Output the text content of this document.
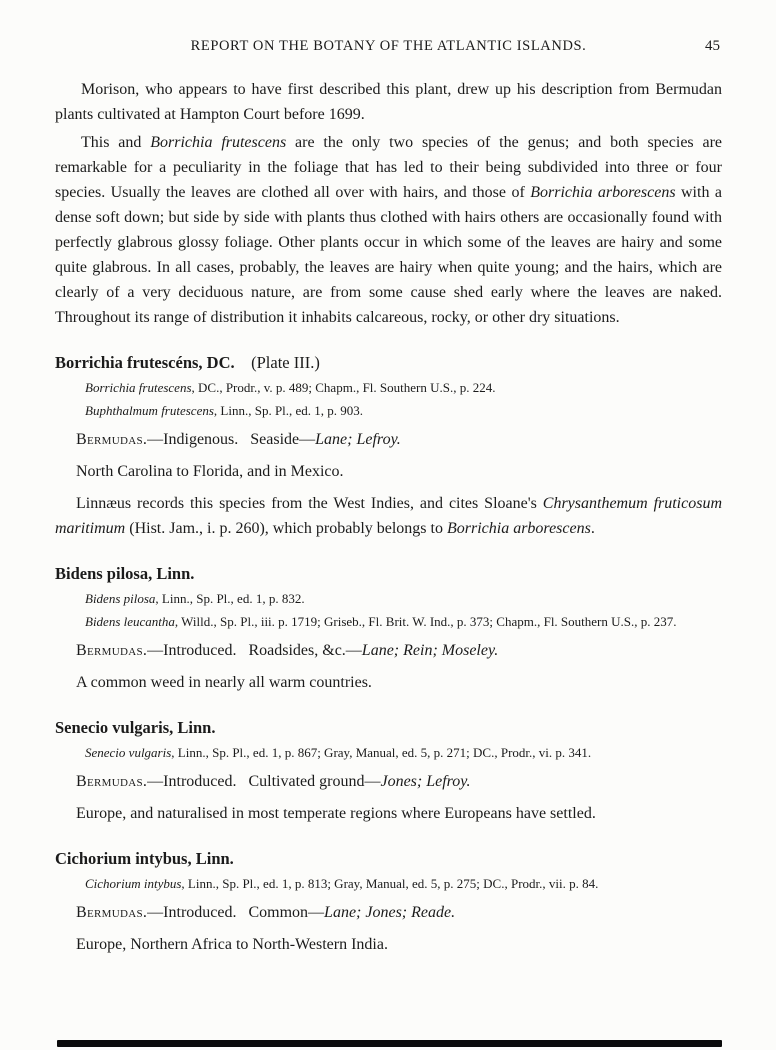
REPORT ON THE BOTANY OF THE ATLANTIC ISLANDS.	45

Morison, who appears to have first described this plant, drew up his description from Bermudan plants cultivated at Hampton Court before 1699.

This and Borrichia frutescens are the only two species of the genus; and both species are remarkable for a peculiarity in the foliage that has led to their being subdivided into three or four species. Usually the leaves are clothed all over with hairs, and those of Borrichia arborescens with a dense soft down; but side by side with plants thus clothed with hairs others are occasionally found with perfectly glabrous glossy foliage. Other plants occur in which some of the leaves are hairy and some quite glabrous. In all cases, probably, the leaves are hairy when quite young; and the hairs, which are clearly of a very deciduous nature, are from some cause shed early where the leaves are naked. Throughout its range of distribution it inhabits calcareous, rocky, or other dry situations.

Borrichia frutescéns, DC.    (Plate III.)
Borrichia frutescens, DC., Prodr., v. p. 489; Chapm., Fl. Southern U.S., p. 224.
Buphthalmum frutescens, Linn., Sp. Pl., ed. 1, p. 903.
Bermudas.—Indigenous.   Seaside—Lane; Lefroy.
North Carolina to Florida, and in Mexico.

Linnæus records this species from the West Indies, and cites Sloane's Chrysanthemum fruticosum maritimum (Hist. Jam., i. p. 260), which probably belongs to Borrichia arborescens.

Bidens pilosa, Linn.
Bidens pilosa, Linn., Sp. Pl., ed. 1, p. 832.
Bidens leucantha, Willd., Sp. Pl., iii. p. 1719; Griseb., Fl. Brit. W. Ind., p. 373; Chapm., Fl. Southern U.S., p. 237.
Bermudas.—Introduced.   Roadsides, &c.—Lane; Rein; Moseley.

A common weed in nearly all warm countries.

Senecio vulgaris, Linn.
Senecio vulgaris, Linn., Sp. Pl., ed. 1, p. 867; Gray, Manual, ed. 5, p. 271; DC., Prodr., vi. p. 341.
Bermudas.—Introduced.   Cultivated ground—Jones; Lefroy.

Europe, and naturalised in most temperate regions where Europeans have settled.

Cichorium intybus, Linn.
Cichorium intybus, Linn., Sp. Pl., ed. 1, p. 813; Gray, Manual, ed. 5, p. 275; DC., Prodr., vii. p. 84.
Bermudas.—Introduced.   Common—Lane; Jones; Reade.

Europe, Northern Africa to North-Western India.
